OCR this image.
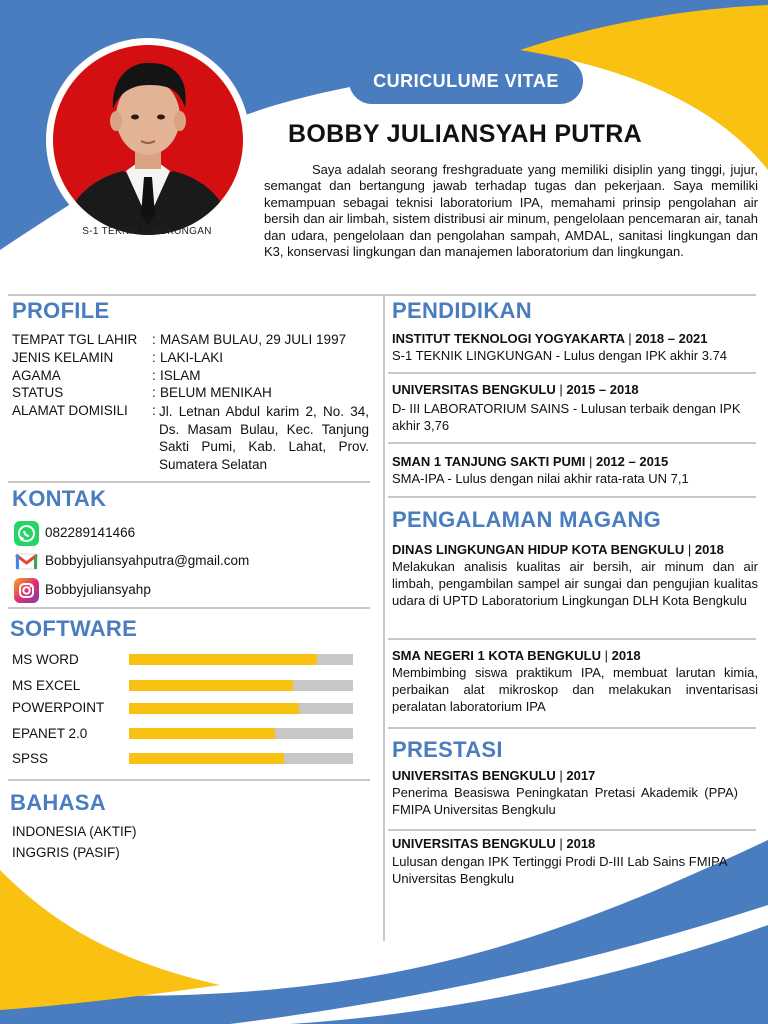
S-1 TEKNIK LINGKUNGAN
CURICULUME VITAE
BOBBY JULIANSYAH PUTRA
Saya adalah seorang freshgraduate yang memiliki disiplin yang tinggi, jujur, semangat dan bertangung jawab terhadap tugas dan pekerjaan. Saya memiliki kemampuan sebagai teknisi laboratorium IPA, memahami prinsip pengolahan air bersih dan air limbah, sistem distribusi air minum, pengelolaan pencemaran air, tanah dan udara, pengelolaan dan pengolahan sampah, AMDAL, sanitasi lingkungan dan K3, konservasi lingkungan dan manajemen laboratorium dan lingkungan.
PROFILE
TEMPAT TGL LAHIR	: MASAM BULAU, 29 JULI 1997
JENIS KELAMIN	: LAKI-LAKI
AGAMA	: ISLAM
STATUS	: BELUM MENIKAH
ALAMAT DOMISILI	: Jl. Letnan Abdul karim 2, No. 34, Ds. Masam Bulau, Kec. Tanjung Sakti Pumi, Kab. Lahat, Prov. Sumatera Selatan
KONTAK
082289141466
Bobbyjuliansyahputra@gmail.com
Bobbyjuliansyahp
SOFTWARE
MS WORD
MS EXCEL
POWERPOINT
EPANET 2.0
SPSS
BAHASA
INDONESIA (AKTIF)
INGGRIS (PASIF)
PENDIDIKAN
INSTITUT TEKNOLOGI YOGYAKARTA | 2018 – 2021
S-1 TEKNIK LINGKUNGAN - Lulus dengan IPK akhir 3.74
UNIVERSITAS BENGKULU | 2015 – 2018
D- III LABORATORIUM SAINS - Lulusan terbaik dengan IPK akhir 3,76
SMAN 1 TANJUNG SAKTI PUMI | 2012 – 2015
SMA-IPA - Lulus dengan nilai akhir rata-rata UN 7,1
PENGALAMAN MAGANG
DINAS LINGKUNGAN HIDUP KOTA BENGKULU | 2018
Melakukan analisis kualitas air bersih, air minum dan air limbah, pengambilan sampel air sungai dan pengujian kualitas udara di UPTD Laboratorium Lingkungan DLH Kota Bengkulu
SMA NEGERI 1 KOTA BENGKULU | 2018
Membimbing siswa praktikum IPA, membuat larutan kimia, perbaikan alat mikroskop dan melakukan inventarisasi peralatan laboratorium IPA
PRESTASI
UNIVERSITAS BENGKULU | 2017
Penerima Beasiswa Peningkatan Pretasi Akademik (PPA) FMIPA Universitas Bengkulu
UNIVERSITAS BENGKULU | 2018
Lulusan dengan IPK Tertinggi Prodi D-III Lab Sains FMIPA Universitas Bengkulu
